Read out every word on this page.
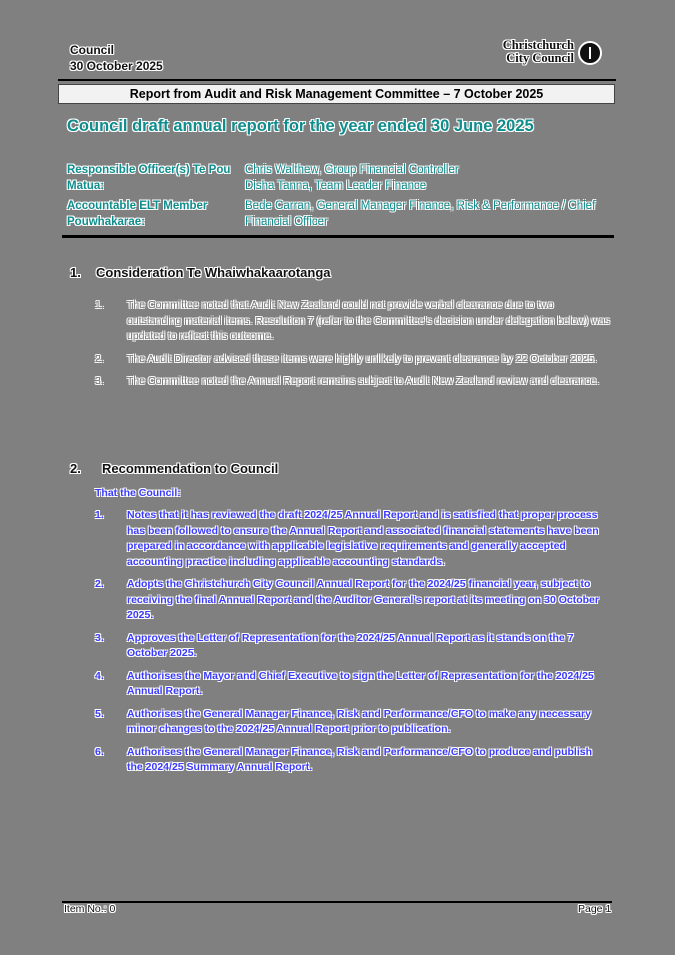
Council
30 October 2025
Christchurch
City Council
Report from Audit and Risk Management Committee – 7 October 2025
Council draft annual report for the year ended 30 June 2025
Responsible Officer(s) Te Pou Matua:
Chris Walthew, Group Financial Controller
Disha Tanna, Team Leader Finance
Accountable ELT Member Pouwhakarae:
Bede Carran, General Manager Finance, Risk & Performance / Chief Financial Officer
1. Consideration Te Whaiwhakaarotanga
1.	The Committee noted that Audit New Zealand could not provide verbal clearance due to two outstanding material items. Resolution 7 (refer to the Committee's decision under delegation below) was updated to reflect this outcome.
2.	The Audit Director advised these items were highly unlikely to prevent clearance by 22 October 2025.
3.	The Committee noted the Annual Report remains subject to Audit New Zealand review and clearance.
2. Recommendation to Council
That the Council:
1.	Notes that it has reviewed the draft 2024/25 Annual Report and is satisfied that proper process has been followed to ensure the Annual Report and associated financial statements have been prepared in accordance with applicable legislative requirements and generally accepted accounting practice including applicable accounting standards.
2.	Adopts the Christchurch City Council Annual Report for the 2024/25 financial year, subject to receiving the final Annual Report and the Auditor General's report at its meeting on 30 October 2025.
3.	Approves the Letter of Representation for the 2024/25 Annual Report as it stands on the 7 October 2025.
4.	Authorises the Mayor and Chief Executive to sign the Letter of Representation for the 2024/25 Annual Report.
5.	Authorises the General Manager Finance, Risk and Performance/CFO to make any necessary minor changes to the 2024/25 Annual Report prior to publication.
6.	Authorises the General Manager Finance, Risk and Performance/CFO to produce and publish the 2024/25 Summary Annual Report.
Item No.: 0	Page 1
